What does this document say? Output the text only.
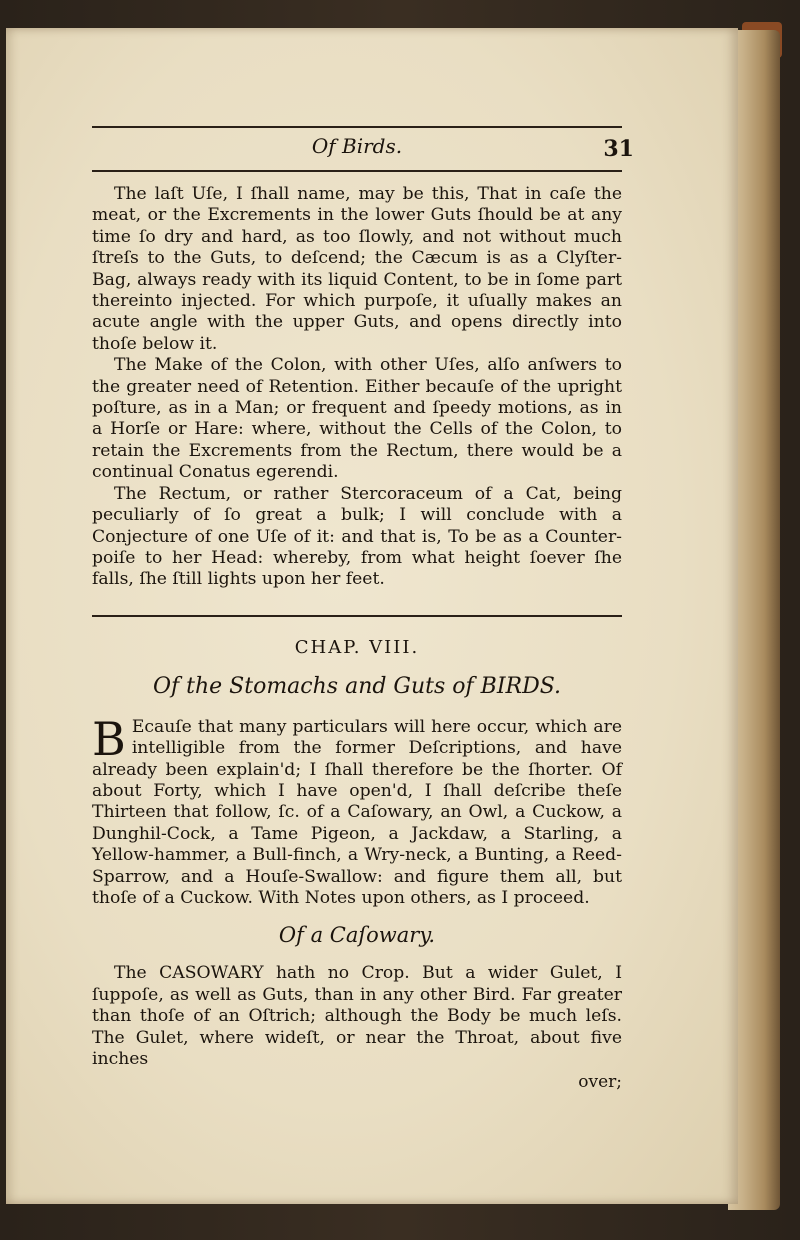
Of Birds.	31

The laſt Uſe, I ſhall name, may be this, That in caſe the meat, or the Excrements in the lower Guts ſhould be at any time ſo dry and hard, as too ſlowly, and not without much ſtreſs to the Guts, to deſcend; the Cæcum is as a Clyſter-Bag, always ready with its liquid Content, to be in ſome part thereinto injected. For which purpoſe, it uſually makes an acute angle with the upper Guts, and opens directly into thoſe below it.

The Make of the Colon, with other Uſes, alſo anſwers to the greater need of Retention. Either becauſe of the upright poſture, as in a Man; or frequent and ſpeedy motions, as in a Horſe or Hare: where, without the Cells of the Colon, to retain the Excrements from the Rectum, there would be a continual Conatus egerendi.

The Rectum, or rather Stercoraceum of a Cat, being peculiarly of ſo great a bulk; I will conclude with a Conjecture of one Uſe of it: and that is, To be as a Counter-poiſe to her Head: whereby, from what height ſoever ſhe falls, ſhe ſtill lights upon her feet.

CHAP. VIII.
Of the Stomachs and Guts of BIRDS.

B Ecauſe that many particulars will here occur, which are intelligible from the former Deſcriptions, and have already been explain'd; I ſhall therefore be the ſhorter. Of about Forty, which I have open'd, I ſhall deſcribe theſe Thirteen that follow, ſc. of a Caſowary, an Owl, a Cuckow, a Dunghil-Cock, a Tame Pigeon, a Jackdaw, a Starling, a Yellow-hammer, a Bull-finch, a Wry-neck, a Bunting, a Reed-Sparrow, and a Houſe-Swallow: and figure them all, but thoſe of a Cuckow. With Notes upon others, as I proceed.

Of a Caſowary.

The CASOWARY hath no Crop. But a wider Gulet, I ſuppoſe, as well as Guts, than in any other Bird. Far greater than thoſe of an Oſtrich; although the Body be much leſs. The Gulet, where wideſt, or near the Throat, about five inches

over;
